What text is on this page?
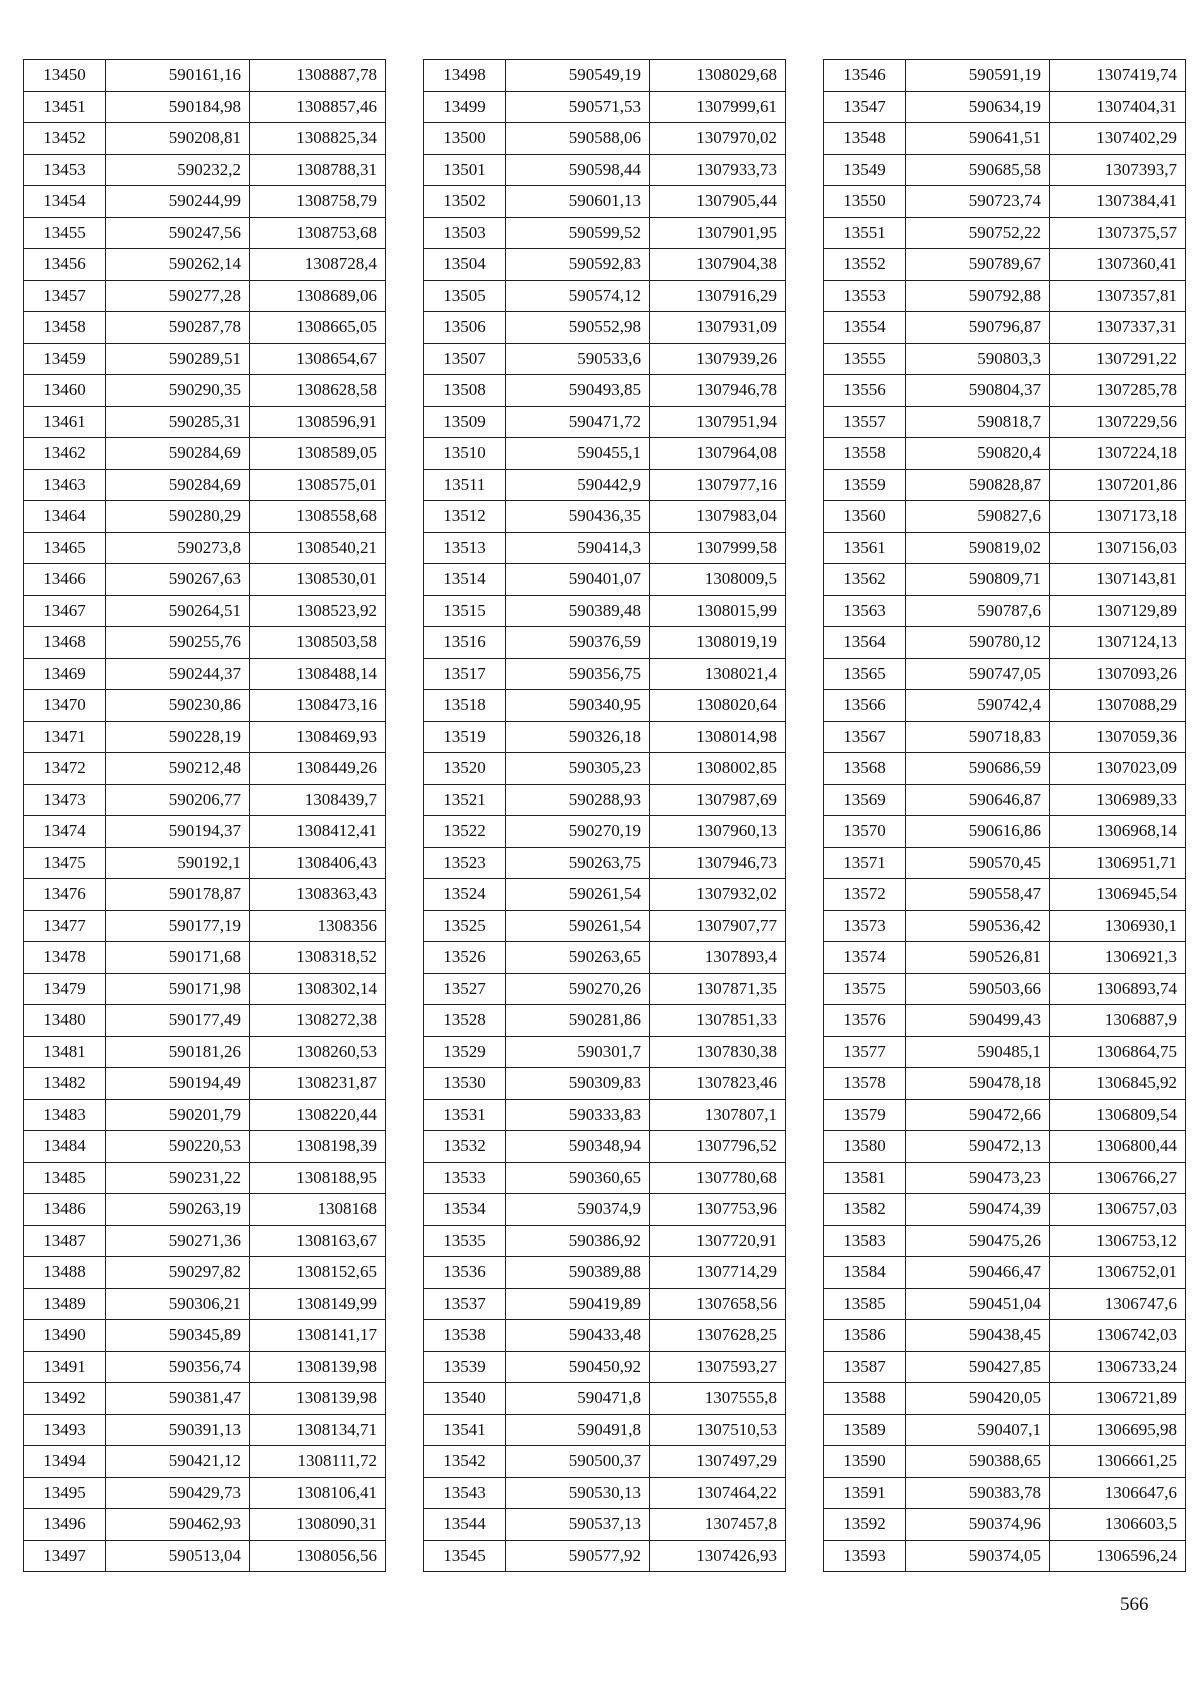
13450	590161,16	1308887,78
13451	590184,98	1308857,46
13452	590208,81	1308825,34
13453	590232,2	1308788,31
13454	590244,99	1308758,79
13455	590247,56	1308753,68
13456	590262,14	1308728,4
13457	590277,28	1308689,06
13458	590287,78	1308665,05
13459	590289,51	1308654,67
13460	590290,35	1308628,58
13461	590285,31	1308596,91
13462	590284,69	1308589,05
13463	590284,69	1308575,01
13464	590280,29	1308558,68
13465	590273,8	1308540,21
13466	590267,63	1308530,01
13467	590264,51	1308523,92
13468	590255,76	1308503,58
13469	590244,37	1308488,14
13470	590230,86	1308473,16
13471	590228,19	1308469,93
13472	590212,48	1308449,26
13473	590206,77	1308439,7
13474	590194,37	1308412,41
13475	590192,1	1308406,43
13476	590178,87	1308363,43
13477	590177,19	1308356
13478	590171,68	1308318,52
13479	590171,98	1308302,14
13480	590177,49	1308272,38
13481	590181,26	1308260,53
13482	590194,49	1308231,87
13483	590201,79	1308220,44
13484	590220,53	1308198,39
13485	590231,22	1308188,95
13486	590263,19	1308168
13487	590271,36	1308163,67
13488	590297,82	1308152,65
13489	590306,21	1308149,99
13490	590345,89	1308141,17
13491	590356,74	1308139,98
13492	590381,47	1308139,98
13493	590391,13	1308134,71
13494	590421,12	1308111,72
13495	590429,73	1308106,41
13496	590462,93	1308090,31
13497	590513,04	1308056,56
13498	590549,19	1308029,68
13499	590571,53	1307999,61
13500	590588,06	1307970,02
13501	590598,44	1307933,73
13502	590601,13	1307905,44
13503	590599,52	1307901,95
13504	590592,83	1307904,38
13505	590574,12	1307916,29
13506	590552,98	1307931,09
13507	590533,6	1307939,26
13508	590493,85	1307946,78
13509	590471,72	1307951,94
13510	590455,1	1307964,08
13511	590442,9	1307977,16
13512	590436,35	1307983,04
13513	590414,3	1307999,58
13514	590401,07	1308009,5
13515	590389,48	1308015,99
13516	590376,59	1308019,19
13517	590356,75	1308021,4
13518	590340,95	1308020,64
13519	590326,18	1308014,98
13520	590305,23	1308002,85
13521	590288,93	1307987,69
13522	590270,19	1307960,13
13523	590263,75	1307946,73
13524	590261,54	1307932,02
13525	590261,54	1307907,77
13526	590263,65	1307893,4
13527	590270,26	1307871,35
13528	590281,86	1307851,33
13529	590301,7	1307830,38
13530	590309,83	1307823,46
13531	590333,83	1307807,1
13532	590348,94	1307796,52
13533	590360,65	1307780,68
13534	590374,9	1307753,96
13535	590386,92	1307720,91
13536	590389,88	1307714,29
13537	590419,89	1307658,56
13538	590433,48	1307628,25
13539	590450,92	1307593,27
13540	590471,8	1307555,8
13541	590491,8	1307510,53
13542	590500,37	1307497,29
13543	590530,13	1307464,22
13544	590537,13	1307457,8
13545	590577,92	1307426,93
13546	590591,19	1307419,74
13547	590634,19	1307404,31
13548	590641,51	1307402,29
13549	590685,58	1307393,7
13550	590723,74	1307384,41
13551	590752,22	1307375,57
13552	590789,67	1307360,41
13553	590792,88	1307357,81
13554	590796,87	1307337,31
13555	590803,3	1307291,22
13556	590804,37	1307285,78
13557	590818,7	1307229,56
13558	590820,4	1307224,18
13559	590828,87	1307201,86
13560	590827,6	1307173,18
13561	590819,02	1307156,03
13562	590809,71	1307143,81
13563	590787,6	1307129,89
13564	590780,12	1307124,13
13565	590747,05	1307093,26
13566	590742,4	1307088,29
13567	590718,83	1307059,36
13568	590686,59	1307023,09
13569	590646,87	1306989,33
13570	590616,86	1306968,14
13571	590570,45	1306951,71
13572	590558,47	1306945,54
13573	590536,42	1306930,1
13574	590526,81	1306921,3
13575	590503,66	1306893,74
13576	590499,43	1306887,9
13577	590485,1	1306864,75
13578	590478,18	1306845,92
13579	590472,66	1306809,54
13580	590472,13	1306800,44
13581	590473,23	1306766,27
13582	590474,39	1306757,03
13583	590475,26	1306753,12
13584	590466,47	1306752,01
13585	590451,04	1306747,6
13586	590438,45	1306742,03
13587	590427,85	1306733,24
13588	590420,05	1306721,89
13589	590407,1	1306695,98
13590	590388,65	1306661,25
13591	590383,78	1306647,6
13592	590374,96	1306603,5
13593	590374,05	1306596,24
566
